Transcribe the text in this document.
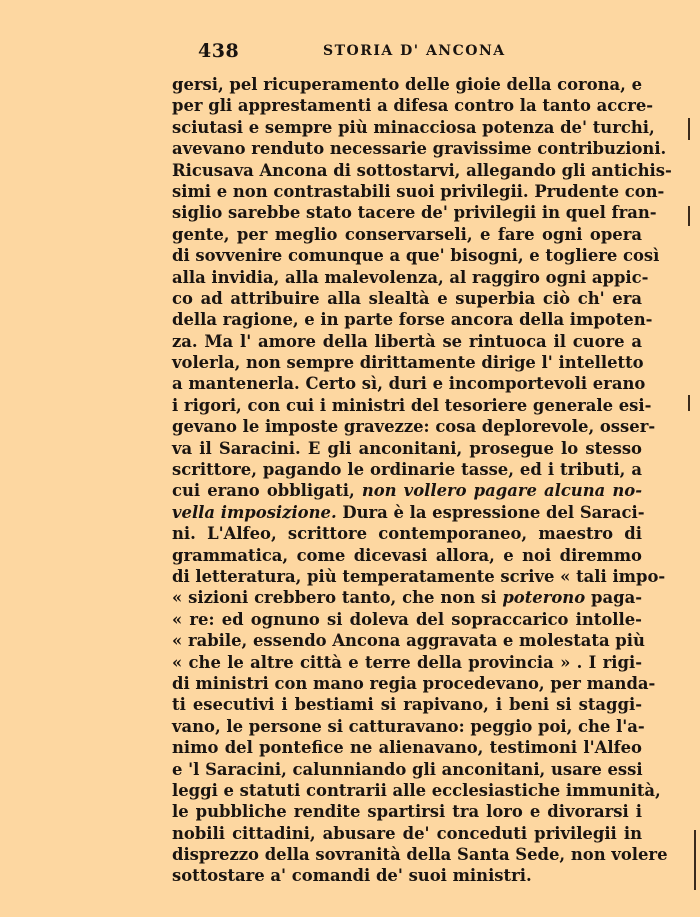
438	STORIA D' ANCONA
gersi, pel ricuperamento delle gioie della corona, e
per gli apprestamenti a difesa contro la tanto accre-
sciutasi e sempre più minacciosa potenza de' turchi,
avevano renduto necessarie gravissime contribuzioni.
Ricusava Ancona di sottostarvi, allegando gli antichis-
simi e non contrastabili suoi privilegii. Prudente con-
siglio sarebbe stato tacere de' privilegii in quel fran-
gente, per meglio conservarseli, e fare ogni opera
di sovvenire comunque a que' bisogni, e togliere così
alla invidia, alla malevolenza, al raggiro ogni appic-
co ad attribuire alla slealtà e superbia ciò ch' era
della ragione, e in parte forse ancora della impoten-
za. Ma l' amore della libertà se rintuoca il cuore a
volerla, non sempre dirittamente dirige l' intelletto
a mantenerla. Certo sì, duri e incomportevoli erano
i rigori, con cui i ministri del tesoriere generale esi-
gevano le imposte gravezze: cosa deplorevole, osser-
va il Saracini. E gli anconitani, prosegue lo stesso
scrittore, pagando le ordinarie tasse, ed i tributi, a
cui erano obbligati, non vollero pagare alcuna no-
vella imposizione. Dura è la espressione del Saraci-
ni. L'Alfeo, scrittore contemporaneo, maestro di
grammatica, come dicevasi allora, e noi diremmo
di letteratura, più temperatamente scrive « tali impo-
« sizioni crebbero tanto, che non si poterono paga-
« re: ed ognuno si doleva del sopraccarico intolle-
« rabile, essendo Ancona aggravata e molestata più
« che le altre città e terre della provincia » . I rigi-
di ministri con mano regia procedevano, per manda-
ti esecutivi i bestiami si rapivano, i beni si staggi-
vano, le persone si catturavano: peggio poi, che l'a-
nimo del pontefice ne alienavano, testimoni l'Alfeo
e 'l Saracini, calunniando gli anconitani, usare essi
leggi e statuti contrarii alle ecclesiastiche immunità,
le pubbliche rendite spartirsi tra loro e divorarsi i
nobili cittadini, abusare de' conceduti privilegii in
disprezzo della sovranità della Santa Sede, non volere
sottostare a' comandi de' suoi ministri.
